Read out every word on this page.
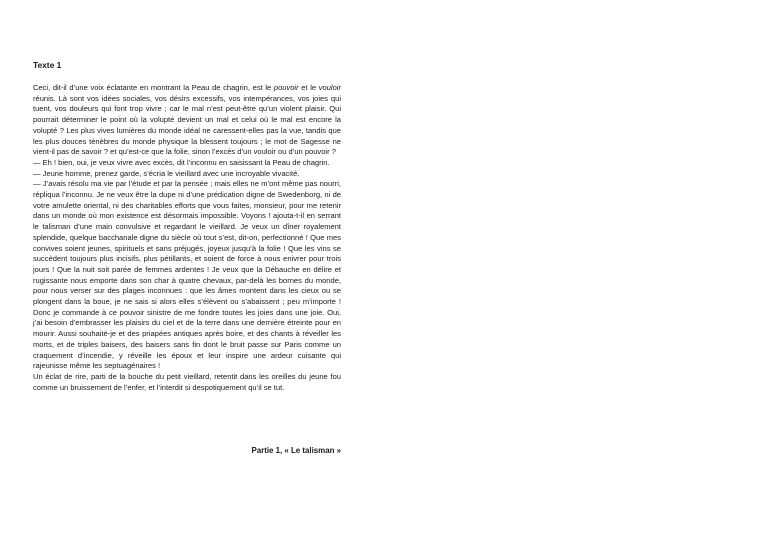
Texte 1

Ceci, dit-il d’une voix éclatante en montrant la Peau de chagrin, est le pouvoir et le vouloir réunis. Là sont vos idées sociales, vos désirs excessifs, vos intempérances, vos joies qui tuent, vos douleurs qui font trop vivre ; car le mal n’est peut-être qu’un violent plaisir. Qui pourrait déterminer le point où la volupté devient un mal et celui où le mal est encore la volupté ? Les plus vives lumières du monde idéal ne caressent-elles pas la vue, tandis que les plus douces ténèbres du monde physique la blessent toujours ; le mot de Sagesse ne vient-il pas de savoir ? et qu’est-ce que la folie, sinon l’excès d’un vouloir ou d’un pouvoir ?

— Eh ! bien, oui, je veux vivre avec excès, dit l’inconnu en saisissant la Peau de chagrin.

— Jeune homme, prenez garde, s’écria le vieillard avec une incroyable vivacité.

— J’avais résolu ma vie par l’étude et par la pensée ; mais elles ne m’ont même pas nourri, répliqua l’inconnu. Je ne veux être la dupe ni d’une prédication digne de Swedenborg, ni de votre amulette oriental, ni des charitables efforts que vous faites, monsieur, pour me retenir dans un monde où mon existence est désormais impossible. Voyons ! ajouta-t-il en serrant le talisman d’une main convulsive et regardant le vieillard. Je veux un dîner royalement splendide, quelque bacchanale digne du siècle où tout s’est, dit-on, perfectionné ! Que mes convives soient jeunes, spirituels et sans préjugés, joyeux jusqu’à la folie ! Que les vins se succèdent toujours plus incisifs, plus pétillants, et soient de force à nous enivrer pour trois jours ! Que la nuit soit parée de femmes ardentes ! Je veux que la Débauche en délire et rugissante nous emporte dans son char à quatre chevaux, par-delà les bornes du monde, pour nous verser sur des plages inconnues : que les âmes montent dans les cieux ou se plongent dans la boue, je ne sais si alors elles s’élèvent ou s’abaissent ; peu m’importe ! Donc je commande à ce pouvoir sinistre de me fondre toutes les joies dans une joie. Oui, j’ai besoin d’embrasser les plaisirs du ciel et de la terre dans une dernière étreinte pour en mourir. Aussi souhaité-je et des priapées antiques après boire, et des chants à réveiller les morts, et de triples baisers, des baisers sans fin dont le bruit passe sur Paris comme un craquement d’incendie, y réveille les époux et leur inspire une ardeur cuisante qui rajeunisse même les septuagénaires !

Un éclat de rire, parti de la bouche du petit vieillard, retentit dans les oreilles du jeune fou comme un bruissement de l’enfer, et l’interdit si despotiquement qu’il se tut.

Partie 1, « Le talisman »
